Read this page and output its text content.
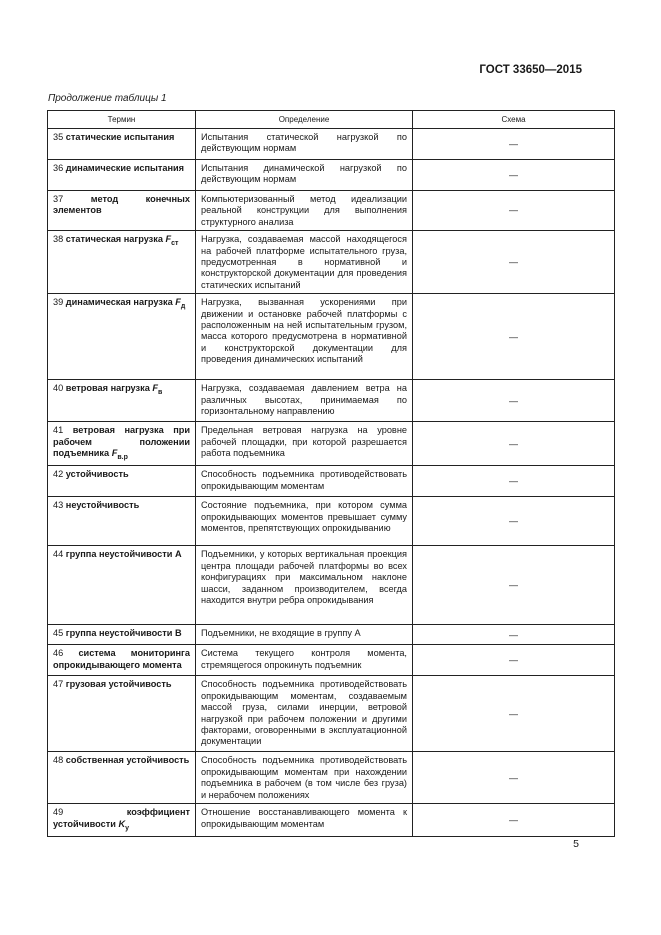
ГОСТ 33650—2015
Продолжение таблицы 1
Термин	Определение	Схема
35 статические испытания	Испытания статической нагрузкой по действующим нормам	—
36 динамические испытания	Испытания динамической нагрузкой по действующим нормам	—
37 метод конечных элементов	Компьютеризованный метод идеализации реальной конструкции для выполнения структурного анализа	—
38 статическая нагрузка $F_{ст}$	Нагрузка, создаваемая массой находящегося на рабочей платформе испытательного груза, предусмотренная в нормативной и конструкторской документации для проведения статических испытаний	—
39 динамическая нагрузка $F_д$	Нагрузка, вызванная ускорениями при движении и остановке рабочей платформы с расположенным на ней испытательным грузом, масса которого предусмотрена в нормативной и конструкторской документации для проведения динамических испытаний	—
40 ветровая нагрузка $F_в$	Нагрузка, создаваемая давлением ветра на различных высотах, принимаемая по горизонтальному направлению	—
41 ветровая нагрузка при рабочем положении подъемника $F_{в.р}$	Предельная ветровая нагрузка на уровне рабочей площадки, при которой разрешается работа подъемника	—
42 устойчивость	Способность подъемника противодействовать опрокидывающим моментам	—
43 неустойчивость	Состояние подъемника, при котором сумма опрокидывающих моментов превышает сумму моментов, препятствующих опрокидыванию	—
44 группа неустойчивости А	Подъемники, у которых вертикальная проекция центра площади рабочей платформы во всех конфигурациях при максимальном наклоне шасси, заданном производителем, всегда находится внутри ребра опрокидывания	—
45 группа неустойчивости В	Подъемники, не входящие в группу А	—
46 система мониторинга опрокидывающего момента	Система текущего контроля момента, стремящегося опрокинуть подъемник	—
47 грузовая устойчивость	Способность подъемника противодействовать опрокидывающим моментам, создаваемым массой груза, силами инерции, ветровой нагрузкой при рабочем положении и другими факторами, оговоренными в эксплуатационной документации	—
48 собственная устойчивость	Способность подъемника противодействовать опрокидывающим моментам при нахождении подъемника в рабочем (в том числе без груза) и нерабочем положениях	—
49 коэффициент устойчивости $K_у$	Отношение восстанавливающего момента к опрокидывающим моментам	—
5
